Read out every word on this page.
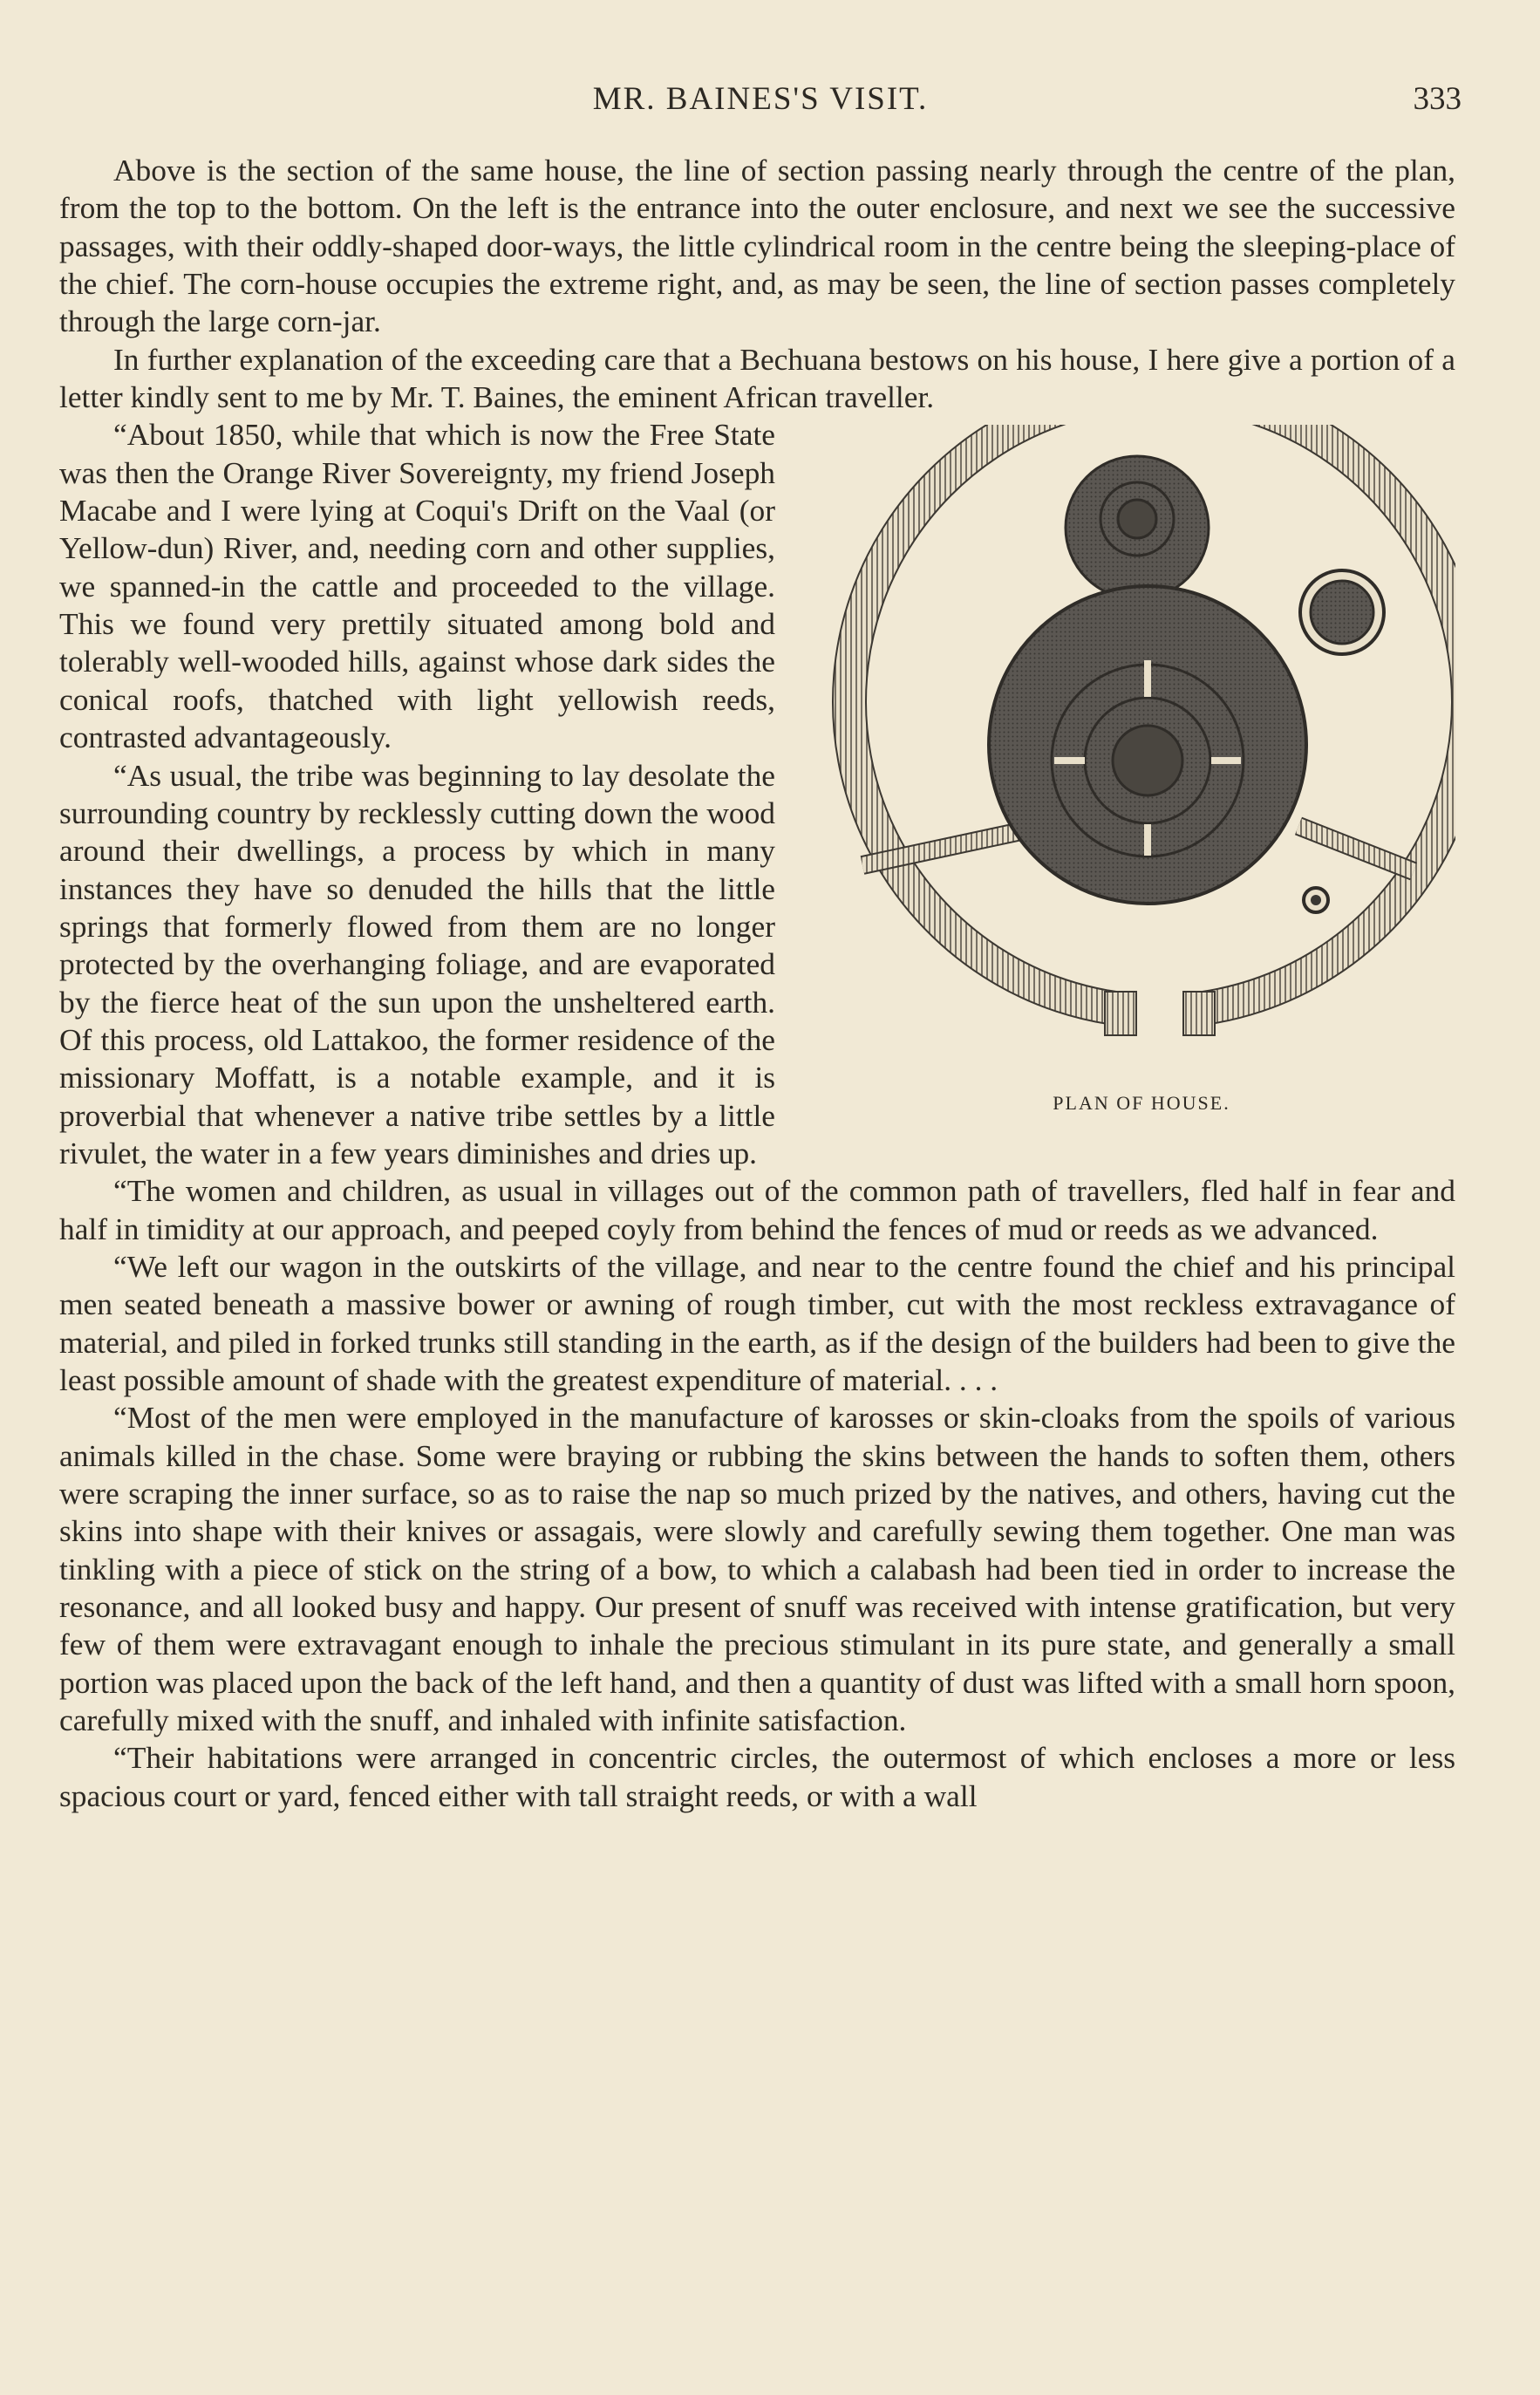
MR. BAINES'S VISIT.	333

Above is the section of the same house, the line of section passing nearly through the centre of the plan, from the top to the bottom. On the left is the entrance into the outer enclosure, and next we see the successive passages, with their oddly-shaped door-ways, the little cylindrical room in the centre being the sleeping-place of the chief. The corn-house occupies the extreme right, and, as may be seen, the line of section passes completely through the large corn-jar.

In further explanation of the exceeding care that a Bechuana bestows on his house, I here give a portion of a letter kindly sent to me by Mr. T. Baines, the eminent African traveller.

PLAN OF HOUSE.

“About 1850, while that which is now the Free State was then the Orange River Sovereignty, my friend Joseph Macabe and I were lying at Coqui's Drift on the Vaal (or Yellow-dun) River, and, needing corn and other supplies, we spanned-in the cattle and proceeded to the village. This we found very prettily situated among bold and tolerably well-wooded hills, against whose dark sides the conical roofs, thatched with light yellowish reeds, contrasted advantageously.

“As usual, the tribe was beginning to lay desolate the surrounding country by recklessly cutting down the wood around their dwellings, a process by which in many instances they have so denuded the hills that the little springs that formerly flowed from them are no longer protected by the overhanging foliage, and are evaporated by the fierce heat of the sun upon the unsheltered earth. Of this process, old Lattakoo, the former residence of the missionary Moffatt, is a notable example, and it is proverbial that whenever a native tribe settles by a little rivulet, the water in a few years diminishes and dries up.

“The women and children, as usual in villages out of the common path of travellers, fled half in fear and half in timidity at our approach, and peeped coyly from behind the fences of mud or reeds as we advanced.

“We left our wagon in the outskirts of the village, and near to the centre found the chief and his principal men seated beneath a massive bower or awning of rough timber, cut with the most reckless extravagance of material, and piled in forked trunks still standing in the earth, as if the design of the builders had been to give the least possible amount of shade with the greatest expenditure of material. . . .

“Most of the men were employed in the manufacture of karosses or skin-cloaks from the spoils of various animals killed in the chase. Some were braying or rubbing the skins between the hands to soften them, others were scraping the inner surface, so as to raise the nap so much prized by the natives, and others, having cut the skins into shape with their knives or assagais, were slowly and carefully sewing them together. One man was tinkling with a piece of stick on the string of a bow, to which a calabash had been tied in order to increase the resonance, and all looked busy and happy. Our present of snuff was received with intense gratification, but very few of them were extravagant enough to inhale the precious stimulant in its pure state, and generally a small portion was placed upon the back of the left hand, and then a quantity of dust was lifted with a small horn spoon, carefully mixed with the snuff, and inhaled with infinite satisfaction.

“Their habitations were arranged in concentric circles, the outermost of which encloses a more or less spacious court or yard, fenced either with tall straight reeds, or with a wall
